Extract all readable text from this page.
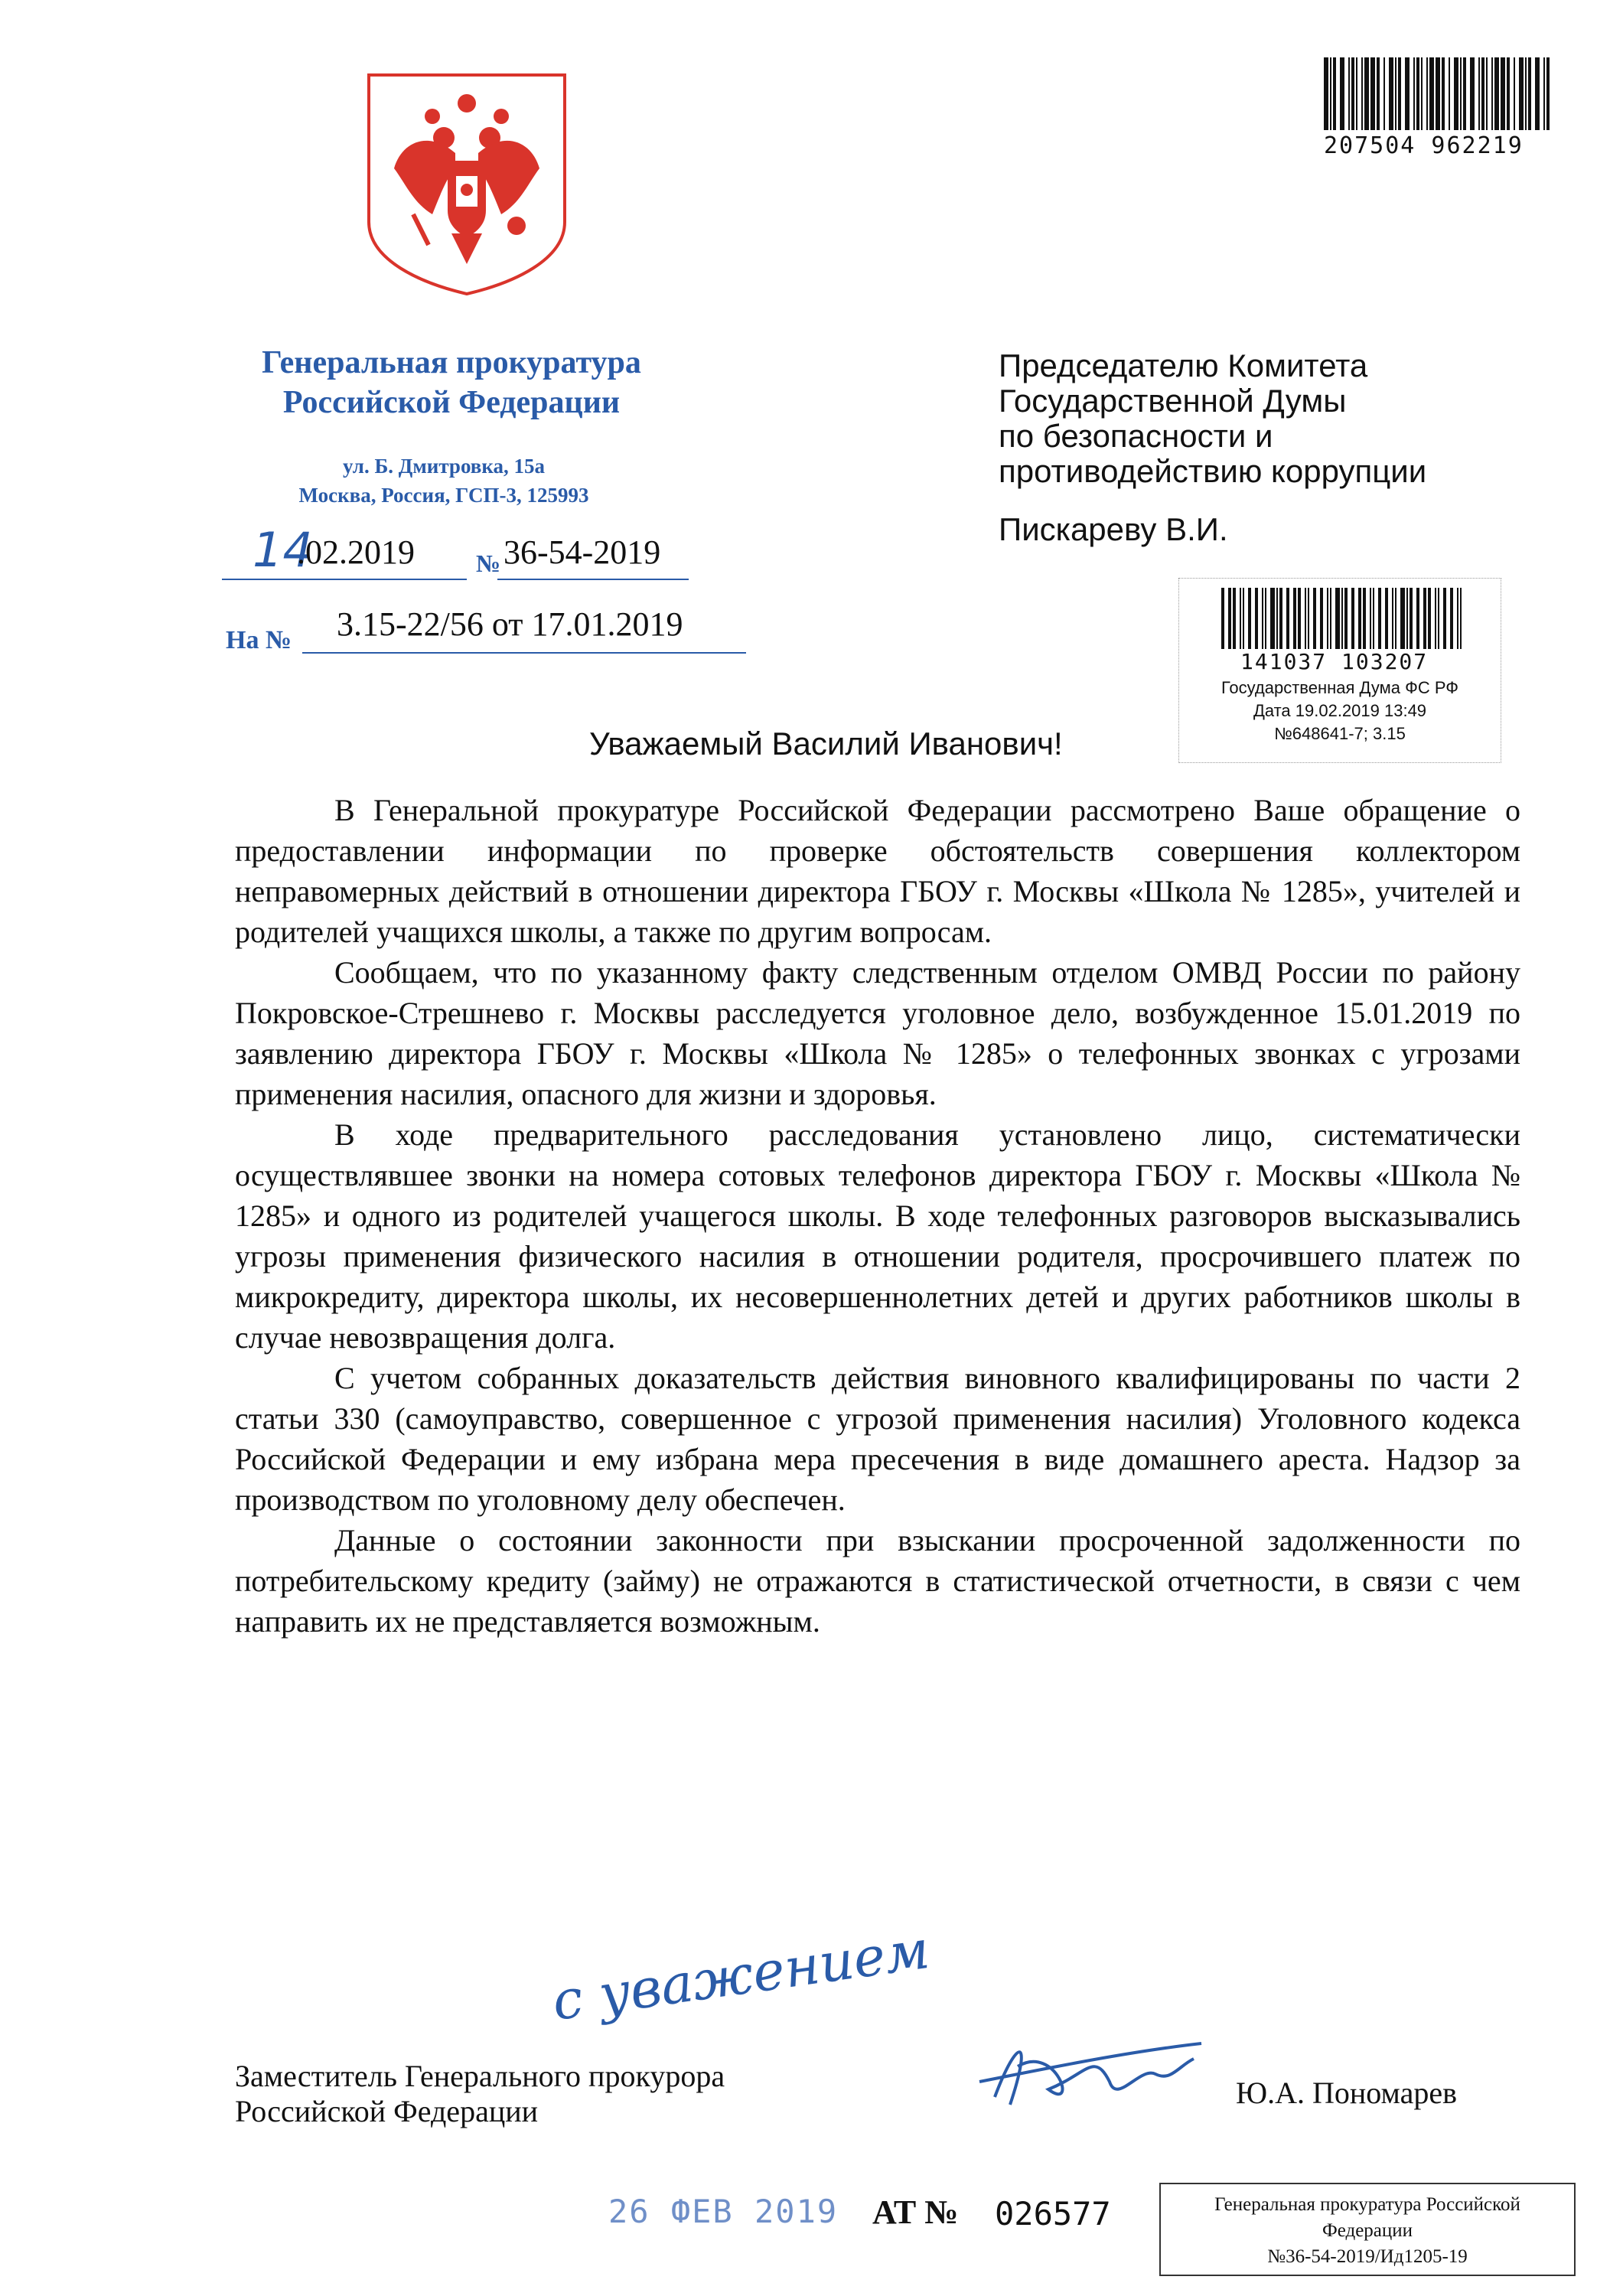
Генеральная прокуратура
Российской Федерации
ул. Б. Дмитровка, 15а
Москва, Россия, ГСП-3, 125993
14
.02.2019	№ 36-54-2019
На № 3.15-22/56 от 17.01.2019
207504 962219
Председателю Комитета
Государственной Думы
по безопасности и
противодействию коррупции
Пискареву В.И.
141037 103207
Государственная Дума ФС РФ
Дата 19.02.2019 13:49
№648641-7; 3.15
Уважаемый Василий Иванович!

В Генеральной прокуратуре Российской Федерации рассмотрено Ваше обращение о предоставлении информации по проверке обстоятельств совершения коллектором неправомерных действий в отношении директора ГБОУ г. Москвы «Школа № 1285», учителей и родителей учащихся школы, а также по другим вопросам.

Сообщаем, что по указанному факту следственным отделом ОМВД России по району Покровское-Стрешнево г. Москвы расследуется уголовное дело, возбужденное 15.01.2019 по заявлению директора ГБОУ г. Москвы «Школа № 1285» о телефонных звонках с угрозами применения насилия, опасного для жизни и здоровья.

В ходе предварительного расследования установлено лицо, систематически осуществлявшее звонки на номера сотовых телефонов директора ГБОУ г. Москвы «Школа № 1285» и одного из родителей учащегося школы. В ходе телефонных разговоров высказывались угрозы применения физического насилия в отношении родителя, просрочившего платеж по микрокредиту, директора школы, их несовершеннолетних детей и других работников школы в случае невозвращения долга.

С учетом собранных доказательств действия виновного квалифицированы по части 2 статьи 330 (самоуправство, совершенное с угрозой применения насилия) Уголовного кодекса Российской Федерации и ему избрана мера пресечения в виде домашнего ареста. Надзор за производством по уголовному делу обеспечен.

Данные о состоянии законности при взыскании просроченной задолженности по потребительскому кредиту (займу) не отражаются в статистической отчетности, в связи с чем направить их не представляется возможным.

с уважением
Заместитель Генерального прокурора
Российской Федерации
Ю.А. Пономарев
26 ФЕВ 2019 АТ № 026577	Генеральная прокуратура Российской
Федерации
№36-54-2019/Ид1205-19
